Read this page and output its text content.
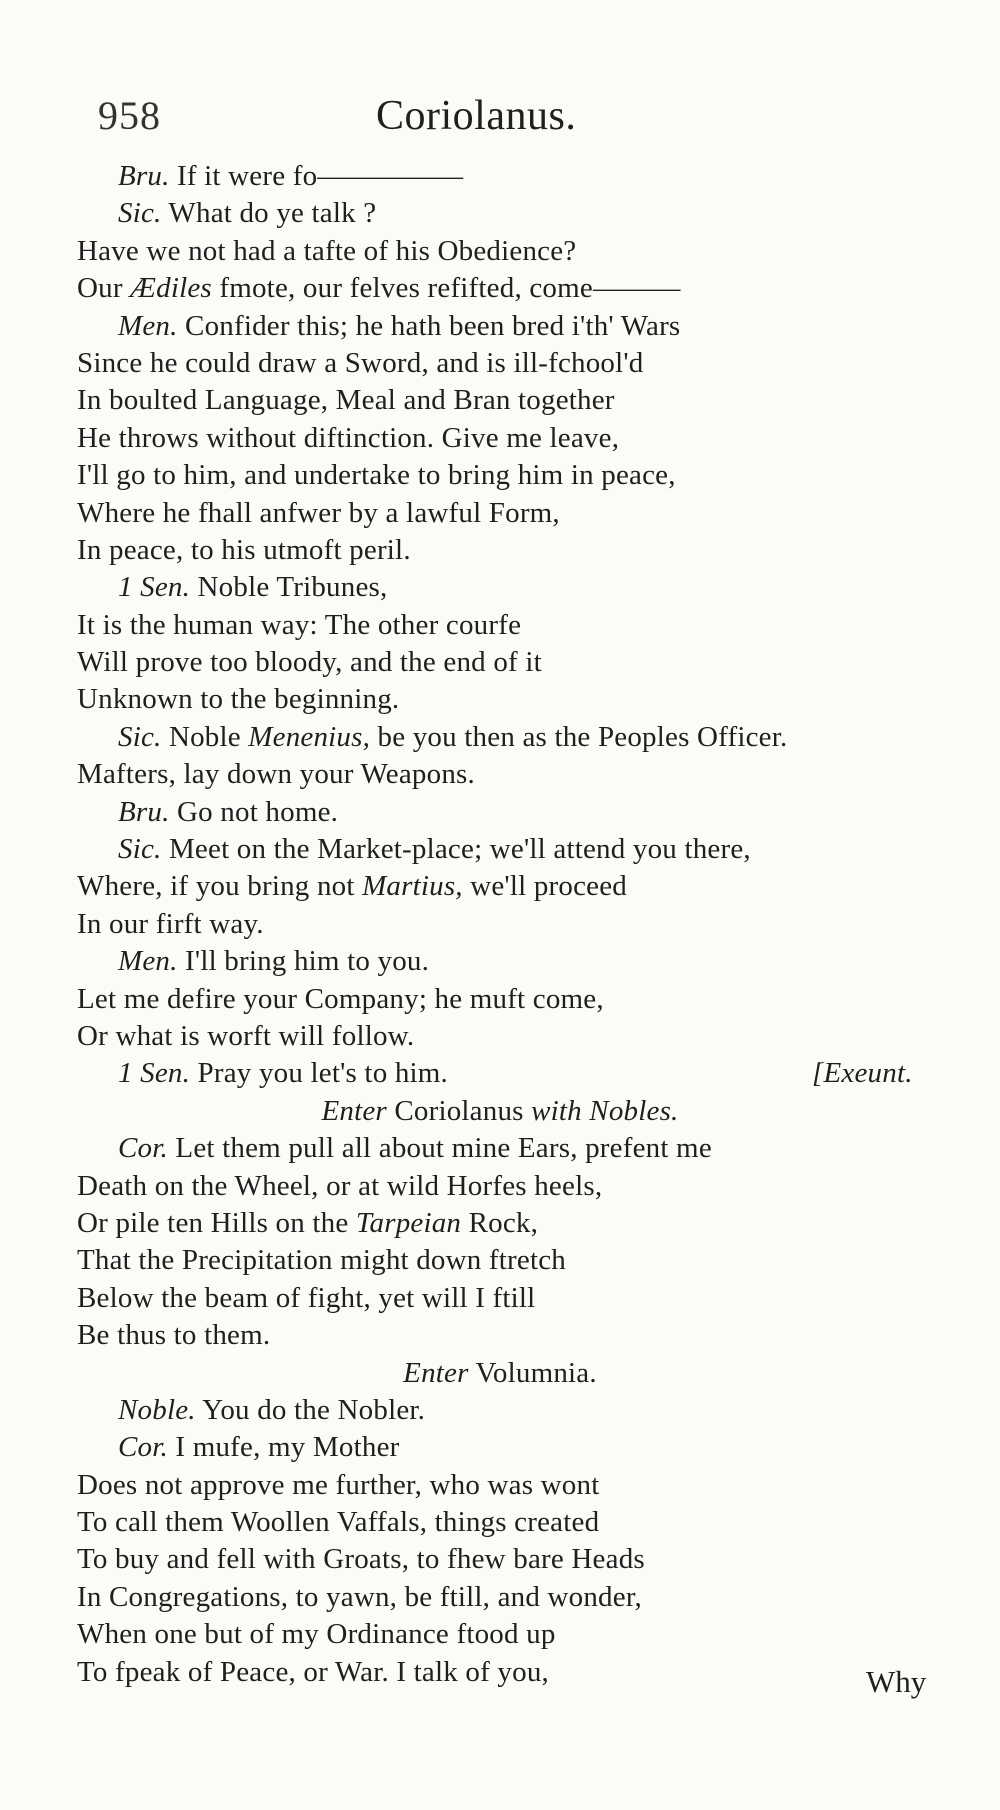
958	Coriolanus.
Bru. If it were fo—————
Sic. What do ye talk ?
Have we not had a tafte of his Obedience?
Our Ædiles fmote, our felves refifted, come———
Men. Confider this; he hath been bred i'th' Wars
Since he could draw a Sword, and is ill-fchool'd
In boulted Language, Meal and Bran together
He throws without diftinction. Give me leave,
I'll go to him, and undertake to bring him in peace,
Where he fhall anfwer by a lawful Form,
In peace, to his utmoft peril.
1 Sen. Noble Tribunes,
It is the human way: The other courfe
Will prove too bloody, and the end of it
Unknown to the beginning.
Sic. Noble Menenius, be you then as the Peoples Officer.
Mafters, lay down your Weapons.
Bru. Go not home.
Sic. Meet on the Market-place; we'll attend you there,
Where, if you bring not Martius, we'll proceed
In our firft way.
Men. I'll bring him to you.
Let me defire your Company; he muft come,
Or what is worft will follow.
1 Sen. Pray you let's to him.	[Exeunt.
Enter Coriolanus with Nobles.
Cor. Let them pull all about mine Ears, prefent me
Death on the Wheel, or at wild Horfes heels,
Or pile ten Hills on the Tarpeian Rock,
That the Precipitation might down ftretch
Below the beam of fight, yet will I ftill
Be thus to them.
Enter Volumnia.
Noble. You do the Nobler.
Cor. I mufe, my Mother
Does not approve me further, who was wont
To call them Woollen Vaffals, things created
To buy and fell with Groats, to fhew bare Heads
In Congregations, to yawn, be ftill, and wonder,
When one but of my Ordinance ftood up
To fpeak of Peace, or War. I talk of you,	Why
